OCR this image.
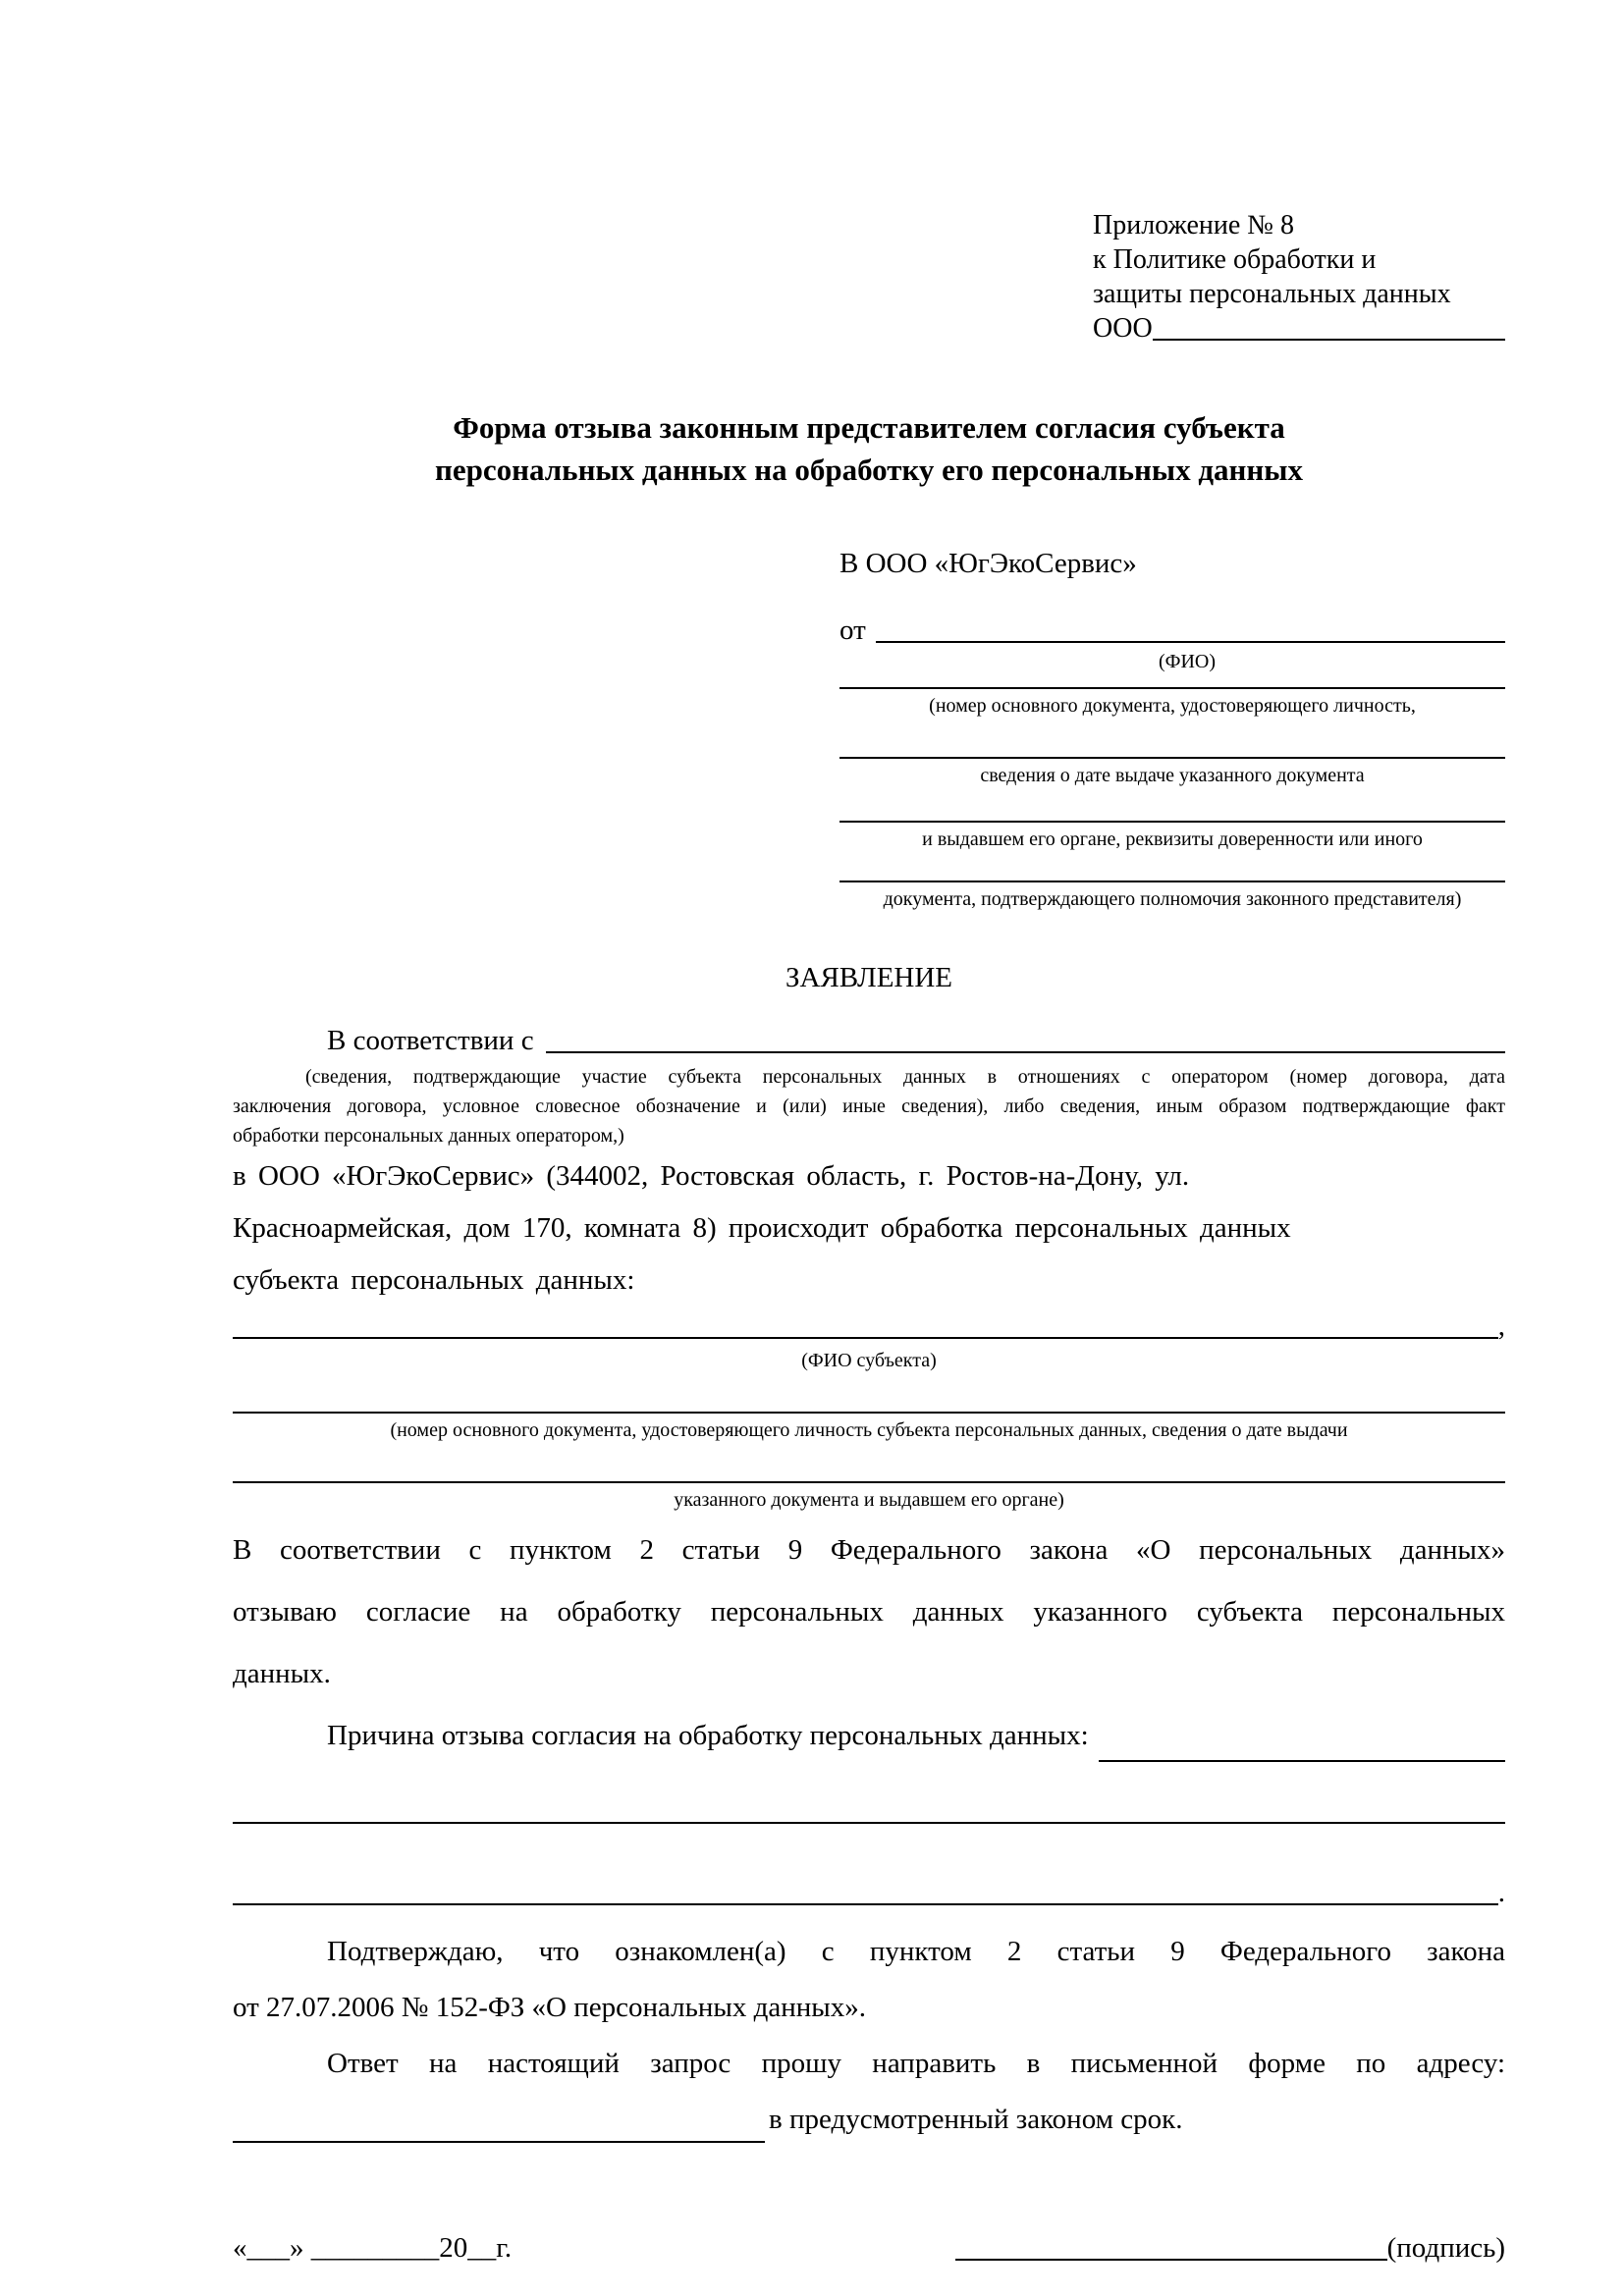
Приложение № 8
к Политике обработки и
защиты персональных данных
ООО
Форма отзыва законным представителем согласия субъекта
персональных данных на обработку его персональных данных
В ООО «ЮгЭкоСервис»
от
(ФИО)
(номер основного документа, удостоверяющего личность,
сведения о дате выдаче указанного документа
и выдавшем его органе, реквизиты доверенности или иного
документа, подтверждающего полномочия законного представителя)
ЗАЯВЛЕНИЕ
В соответствии с
(сведения, подтверждающие участие субъекта персональных данных в отношениях с оператором (номер договора, дата
заключения договора, условное словесное обозначение и (или) иные сведения), либо сведения, иным образом подтверждающие факт
обработки персональных данных оператором,)
в ООО «ЮгЭкоСервис» (344002, Ростовская область, г. Ростов-на-Дону, ул.
Красноармейская, дом 170, комната 8) происходит обработка персональных данных
субъекта персональных данных:
,
(ФИО субъекта)
(номер основного документа, удостоверяющего личность субъекта персональных данных, сведения о дате выдачи
указанного документа и выдавшем его органе)
В соответствии с пунктом 2 статьи 9 Федерального закона «О персональных данных»
отзываю согласие на обработку персональных данных указанного субъекта персональных
данных.
Причина отзыва согласия на обработку персональных данных:
.
Подтверждаю, что ознакомлен(а) с пунктом 2 статьи 9 Федерального закона
от 27.07.2006 № 152-ФЗ «О персональных данных».
Ответ на настоящий запрос прошу направить в письменной форме по адресу:
в предусмотренный законом срок.
«___» _________20__г.	(подпись)
